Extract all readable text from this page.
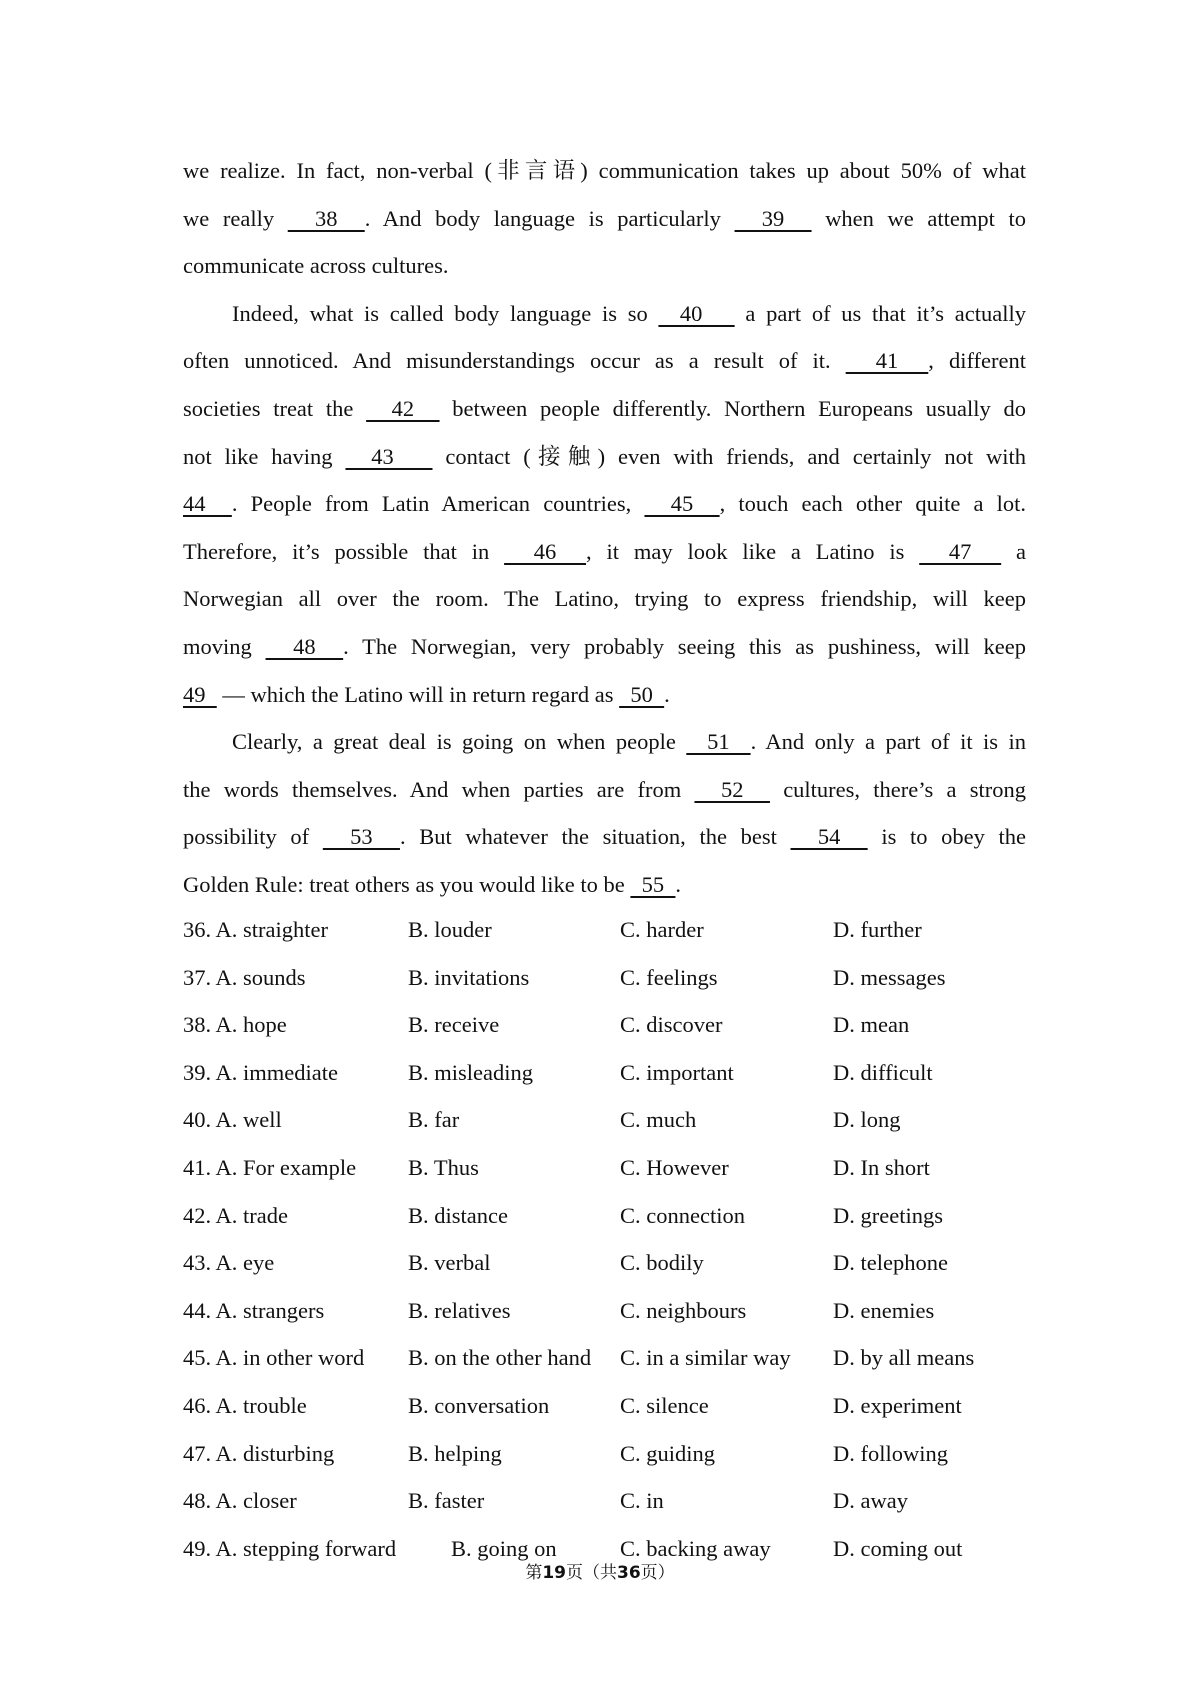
we realize. In fact, non-verbal (非言语) communication takes up about 50% of what
we really   38  . And body language is particularly   39   when we attempt to
communicate across cultures.
Indeed, what is called body language is so   40    a part of us that it’s actually
often unnoticed. And misunderstandings occur as a result of it.   41  , different
societies treat the   42   between people differently. Northern Europeans usually do
not like having   43    contact (接触) even with friends, and certainly not with
44  . People from Latin American countries,   45  , touch each other quite a lot.
Therefore, it’s possible that in   46  , it may look like a Latino is   47   a
Norwegian all over the room. The Latino, trying to express friendship, will keep
moving   48  . The Norwegian, very probably seeing this as pushiness, will keep
49   — which the Latino will in return regard as   50  .
Clearly, a great deal is going on when people   51  . And only a part of it is in
the words themselves. And when parties are from   52   cultures, there’s a strong
possibility of   53  . But whatever the situation, the best   54   is to obey the
Golden Rule: treat others as you would like to be   55  .
36. A. straighter	B. louder	C. harder	D. further
37. A. sounds	B. invitations	C. feelings	D. messages
38. A. hope	B. receive	C. discover	D. mean
39. A. immediate	B. misleading	C. important	D. difficult
40. A. well	B. far	C. much	D. long
41. A. For example B. Thus	C. However	D. In short
42. A. trade	B. distance	C. connection	D. greetings
43. A. eye	B. verbal	C. bodily	D. telephone
44. A. strangers	B. relatives	C. neighbours	D. enemies
45. A. in other word B. on the other hand C. in a similar way D. by all means
46. A. trouble	B. conversation	C. silence	D. experiment
47. A. disturbing	B. helping	C. guiding	D. following
48. A. closer	B. faster	C. in	D. away
49. A. stepping forward B. going on	C. backing away	D. coming out
第19页（共36页）
